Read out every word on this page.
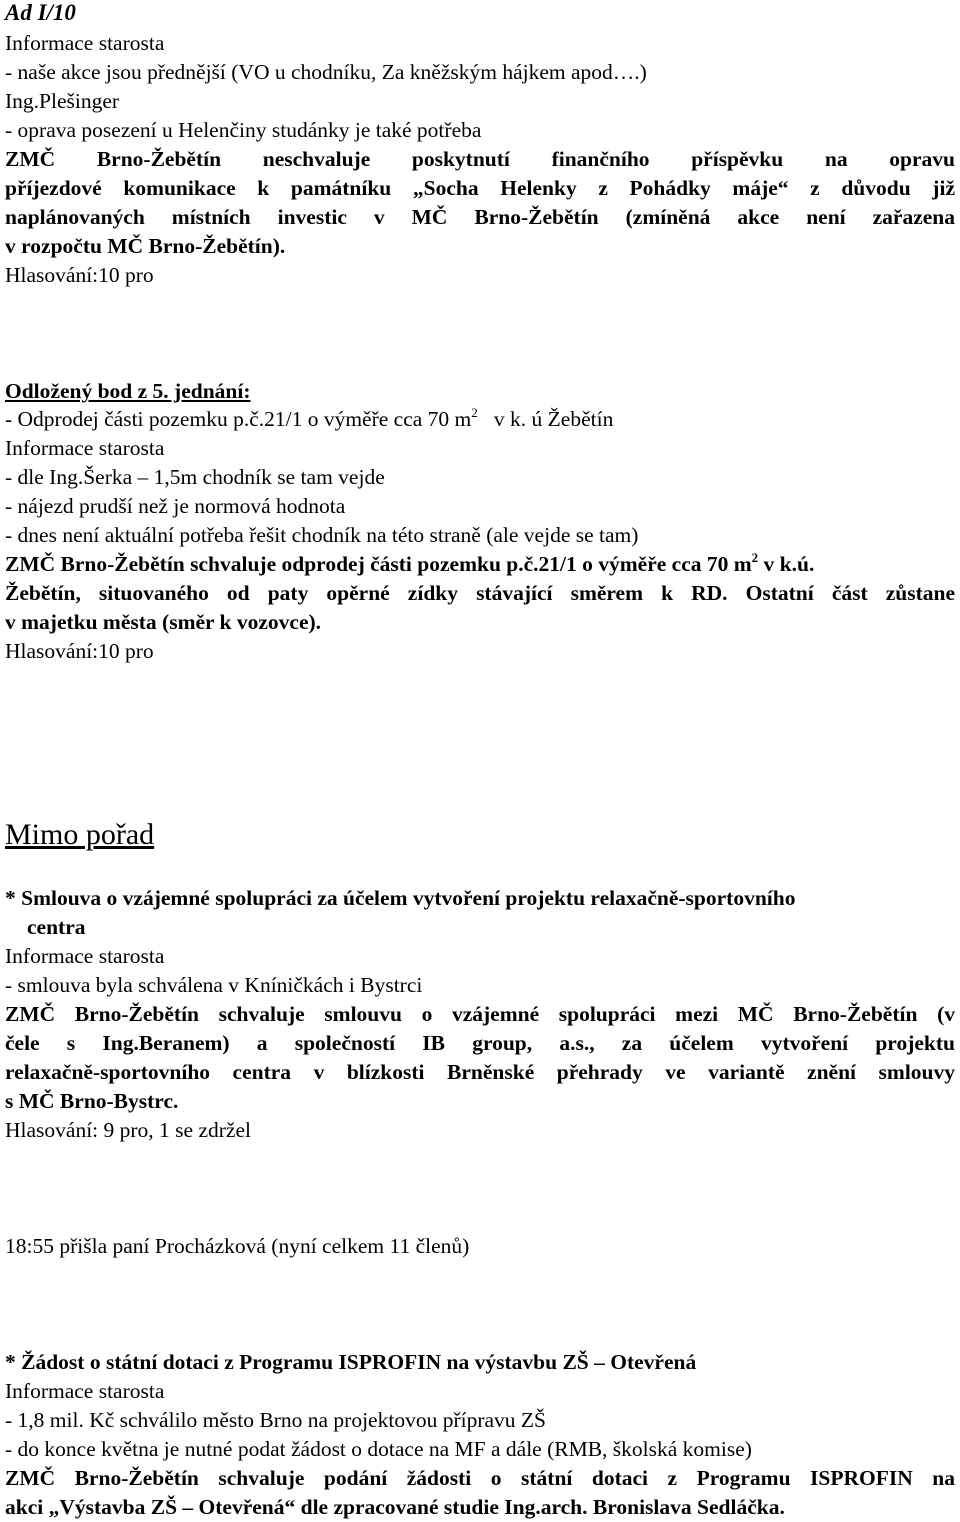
Ad I/10
Informace starosta
- naše akce jsou přednější (VO u chodníku, Za kněžským hájkem apod….)
Ing.Plešinger
- oprava posezení u Helenčiny studánky je také potřeba
ZMČ Brno-Žebětín neschvaluje poskytnutí finančního příspěvku na opravu
příjezdové komunikace k památníku „Socha Helenky z Pohádky máje“ z důvodu již
naplánovaných místních investic v MČ Brno-Žebětín (zmíněná akce není zařazena
v rozpočtu MČ Brno-Žebětín).
Hlasování:10 pro
Odložený bod z 5. jednání:
- Odprodej části pozemku p.č.21/1 o výměře cca 70 $m^2$ v k. ú Žebětín
Informace starosta
- dle Ing.Šerka – 1,5m chodník se tam vejde
- nájezd prudší než je normová hodnota
- dnes není aktuální potřeba řešit chodník na této straně (ale vejde se tam)
ZMČ Brno-Žebětín schvaluje odprodej části pozemku p.č.21/1 o výměře cca 70 $m^2$ v k.ú.
Žebětín, situovaného od paty opěrné zídky stávající směrem k RD. Ostatní část zůstane
v majetku města (směr k vozovce).
Hlasování:10 pro
Mimo pořad
* Smlouva o vzájemné spolupráci za účelem vytvoření projektu relaxačně-sportovního
centra
Informace starosta
- smlouva byla schválena v Kníničkách i Bystrci
ZMČ Brno-Žebětín schvaluje smlouvu o vzájemné spolupráci mezi MČ Brno-Žebětín (v
čele s Ing.Beranem) a společností IB group, a.s., za účelem vytvoření projektu
relaxačně-sportovního centra v blízkosti Brněnské přehrady ve variantě znění smlouvy
s MČ Brno-Bystrc.
Hlasování: 9 pro, 1 se zdržel
18:55 přišla paní Procházková (nyní celkem 11 členů)
* Žádost o státní dotaci z Programu ISPROFIN na výstavbu ZŠ – Otevřená
Informace starosta
- 1,8 mil. Kč schválilo město Brno na projektovou přípravu ZŠ
- do konce května je nutné podat žádost o dotace na MF a dále (RMB, školská komise)
ZMČ Brno-Žebětín schvaluje podání žádosti o státní dotaci z Programu ISPROFIN na
akci „Výstavba ZŠ – Otevřená“ dle zpracované studie Ing.arch. Bronislava Sedláčka.
